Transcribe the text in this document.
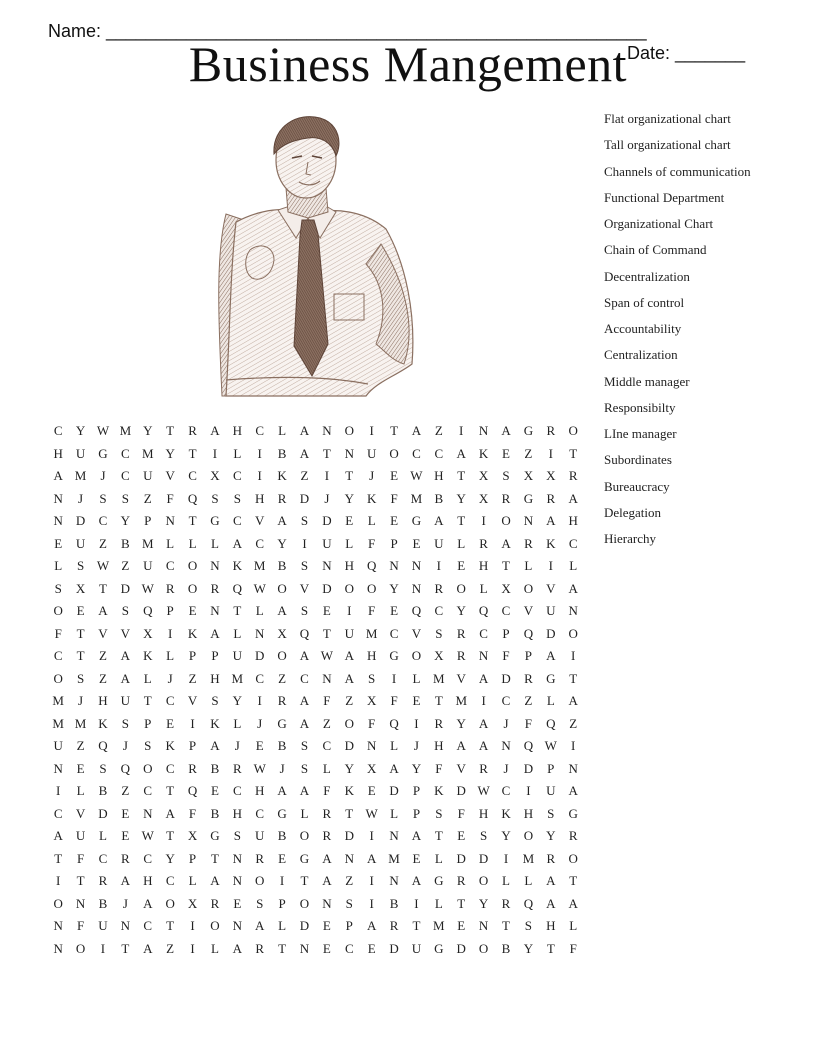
Name: ______________________________________________________

Date: _______

Business Mangement
Flat organizational chart
Tall organizational chart
Channels of communication
Functional Department
Organizational Chart
Chain of Command
Decentralization
Span of control
Accountability
Centralization
Middle manager
Responsibilty
LIne manager
Subordinates
Bureaucracy
Delegation
Hierarchy
C	Y W M Y	T	R	A	H	C	L	A	N	O	I	T	A	Z	I	N	A	G	R	O
H	U	G	C M Y	T	I	L	I	B	A	T	N	U	O	C	C	A	K	E	Z	I	T
A M	J	C	U	V	C	X	C	I	K	Z	I	T	J	E W H	T	X	S	X	X	R
N	J	S	S	Z	F	Q	S	S	H	R	D	J	Y	K	F M B	Y	X	R	G	R	A
N	D	C	Y	P	N	T	G	C	V	A	S	D	E	L	E	G	A	T	I	O	N	A	H
E	U	Z	B M L	L	L	A	C	Y	I	U	L	F	P	E	U	L	R	A	R	K	C
L	S W Z	U	C	O	N	K M B	S	N	H	Q	N	N	I	E	H	T	L	I	L
S	X	T	D W R	O	R	Q W O	V	D	O	O	Y	N	R	O	L	X	O	V	A
O	E	A	S	Q	P	E	N	T	L	A	S	E	I	F	E	Q	C	Y	Q	C	V	U	N
F	T	V	V	X	I	K	A	L	N	X	Q	T	U M C	V	S	R	C	P	Q	D	O
C	T	Z	A	K	L	P	P	U	D	O	A W A	H	G	O	X	R	N	F	P	A	I
O	S	Z	A	L	J	Z	H M C	Z	C	N	A	S	I	L M V	A	D	R	G	T
M	J	H	U	T	C	V	S	Y	I	R	A	F	Z	X	F	E	T M	I	C	Z	L	A
M M K	S	P	E	I	K	L	J	G	A	Z	O	F	Q	I	R	Y	A	J	F	Q	Z
U	Z	Q	J	S	K	P	A	J	E	B	S	C	D	N	L	J	H	A	A	N	Q W	I
N	E	S	Q	O	C	R	B	R W	J	S	L	Y	X	A	Y	F	V	R	J	D	P	N
I	L	B	Z	C	T	Q	E	C	H	A	A	F	K	E	D	P	K	D W C	I	U	A
C	V	D	E	N	A	F	B	H	C	G	L	R	T W L	P	S	F	H	K	H	S	G
A	U	L	E W T	X	G	S	U	B	O	R	D	I	N	A	T	E	S	Y	O	Y	R
T	F	C	R	C	Y	P	T	N	R	E	G	A	N	A M E	L	D	D	I	M R	O
I	T	R	A	H	C	L	A	N	O	I	T	A	Z	I	N	A	G	R	O	L	L	A	T
O	N	B	J	A	O	X	R	E	S	P	O	N	S	I	B	I	L	T	Y	R	Q	A	A
N	F	U	N	C	T	I	O	N	A	L	D	E	P	A	R	T M E	N	T	S	H	L
N	O	I	T	A	Z	I	L	A	R	T	N	E	C	E	D	U	G	D	O	B	Y	T	F
